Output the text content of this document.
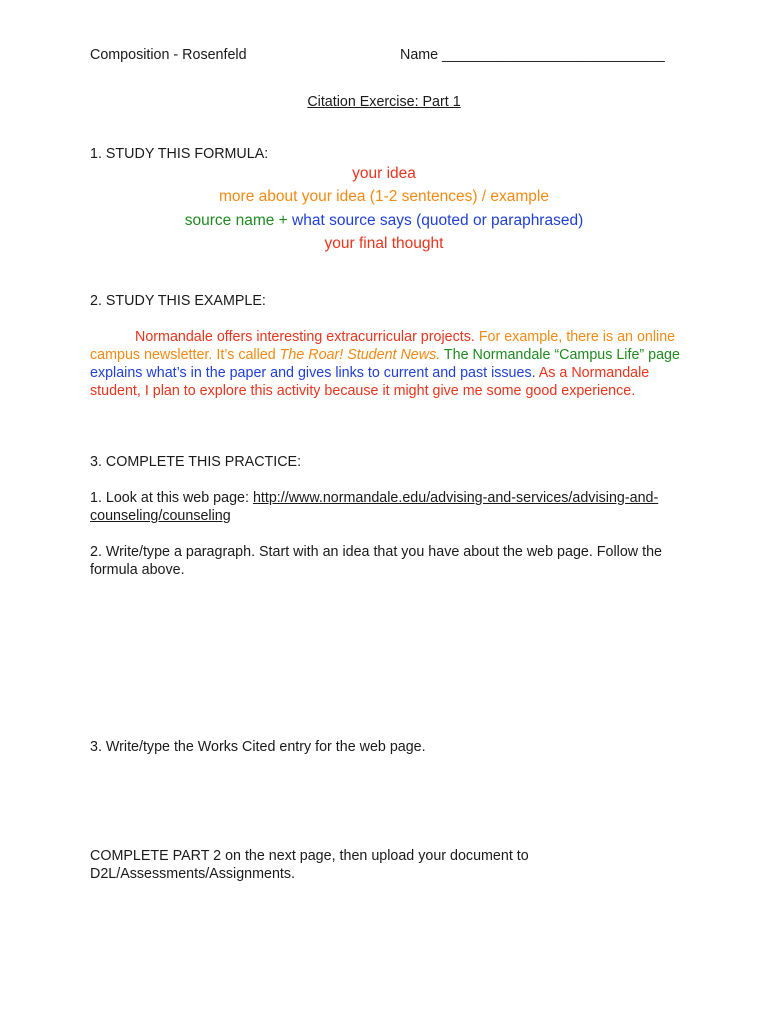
Composition - Rosenfeld	Name ____________________________
Citation Exercise: Part 1
1. STUDY THIS FORMULA:
your idea
more about your idea (1-2 sentences) / example
source name + what source says (quoted or paraphrased)
your final thought
2. STUDY THIS EXAMPLE:
Normandale offers interesting extracurricular projects. For example, there is an online campus newsletter. It’s called The Roar! Student News. The Normandale “Campus Life” page explains what’s in the paper and gives links to current and past issues. As a Normandale student, I plan to explore this activity because it might give me some good experience.
3. COMPLETE THIS PRACTICE:
1. Look at this web page: http://www.normandale.edu/advising-and-services/advising-and-counseling/counseling
2. Write/type a paragraph. Start with an idea that you have about the web page. Follow the formula above.
3. Write/type the Works Cited entry for the web page.
COMPLETE PART 2 on the next page, then upload your document to D2L/Assessments/Assignments.
